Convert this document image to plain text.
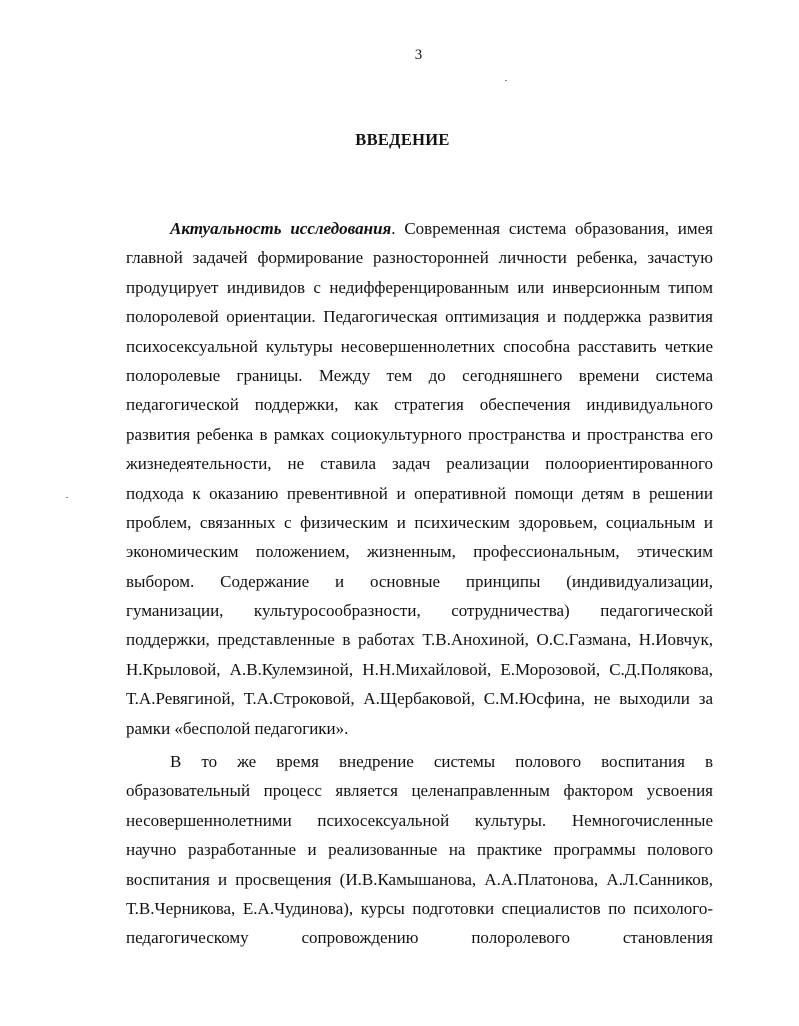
3
ВВЕДЕНИЕ
Актуальность исследования. Современная система образования, имея
главной задачей формирование разносторонней личности ребенка, зачастую
продуцирует индивидов с недифференцированным или инверсионным типом
полоролевой ориентации. Педагогическая оптимизация и поддержка развития
психосексуальной культуры несовершеннолетних способна расставить четкие
полоролевые границы. Между тем до сегодняшнего времени система
педагогической поддержки, как стратегия обеспечения индивидуального
развития ребенка в рамках социокультурного пространства и пространства его
жизнедеятельности, не ставила задач реализации полоориентированного
подхода к оказанию превентивной и оперативной помощи детям в решении
проблем, связанных с физическим и психическим здоровьем, социальным и
экономическим положением, жизненным, профессиональным, этическим
выбором. Содержание и основные принципы (индивидуализации,
гуманизации, культуросообразности, сотрудничества) педагогической
поддержки, представленные в работах Т.В.Анохиной, О.С.Газмана, Н.Иовчук,
Н.Крыловой, А.В.Кулемзиной, Н.Н.Михайловой, Е.Морозовой, С.Д.Полякова,
Т.А.Ревягиной, Т.А.Строковой, А.Щербаковой, С.М.Юсфина, не выходили за
рамки «бесполой педагогики».
В то же время внедрение системы полового воспитания в
образовательный процесс является целенаправленным фактором усвоения
несовершеннолетними психосексуальной культуры. Немногочисленные
научно разработанные и реализованные на практике программы полового
воспитания и просвещения (И.В.Камышанова, А.А.Платонова, А.Л.Санников,
Т.В.Черникова, Е.А.Чудинова), курсы подготовки специалистов по психолого-
педагогическому сопровождению полоролевого становления
